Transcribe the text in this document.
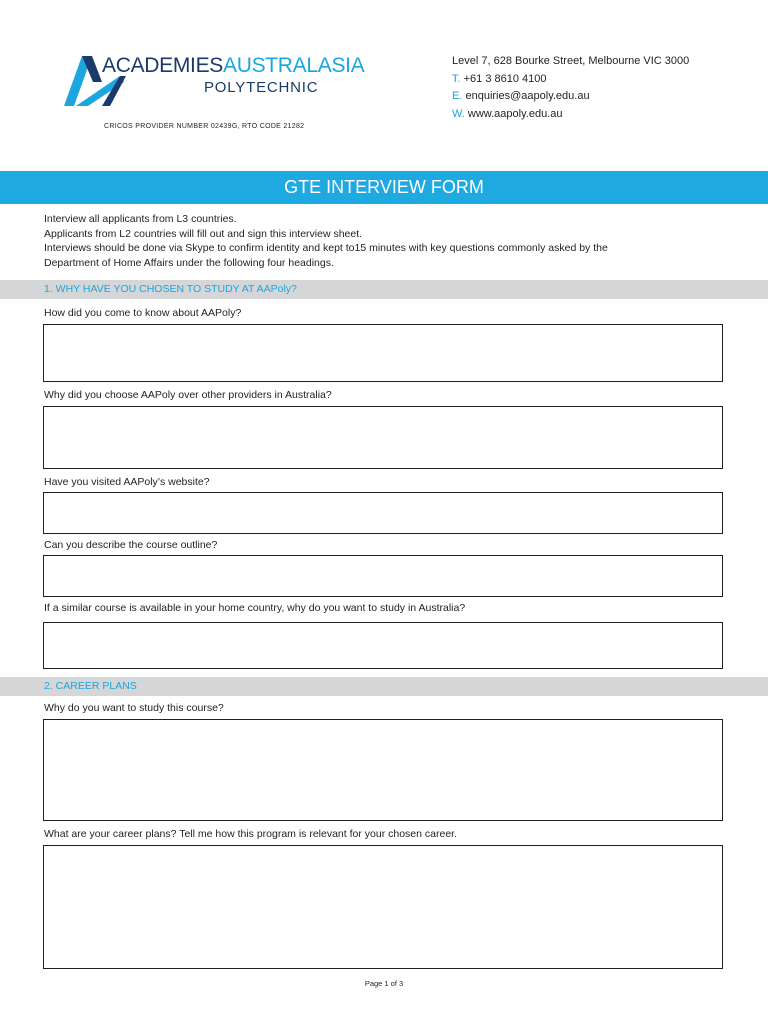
ACADEMIESAUSTRALASIA
POLYTECHNIC
CRICOS PROVIDER NUMBER 02439G, RTO CODE 21282
Level 7, 628 Bourke Street, Melbourne VIC 3000
T. +61 3 8610 4100
E. enquiries@aapoly.edu.au
W. www.aapoly.edu.au
GTE INTERVIEW FORM
Interview all applicants from L3 countries.
Applicants from L2 countries will fill out and sign this interview sheet.
Interviews should be done via Skype to confirm identity and kept to15 minutes with key questions commonly asked by the
Department of Home Affairs under the following four headings.
1. WHY HAVE YOU CHOSEN TO STUDY AT AAPoly?
How did you come to know about AAPoly?
Why did you choose AAPoly over other providers in Australia?
Have you visited AAPoly’s website?
Can you describe the course outline?
If a similar course is available in your home country, why do you want to study in Australia?
2. CAREER PLANS
Why do you want to study this course?
What are your career plans? Tell me how this program is relevant for your chosen career.
Page 1 of 3
